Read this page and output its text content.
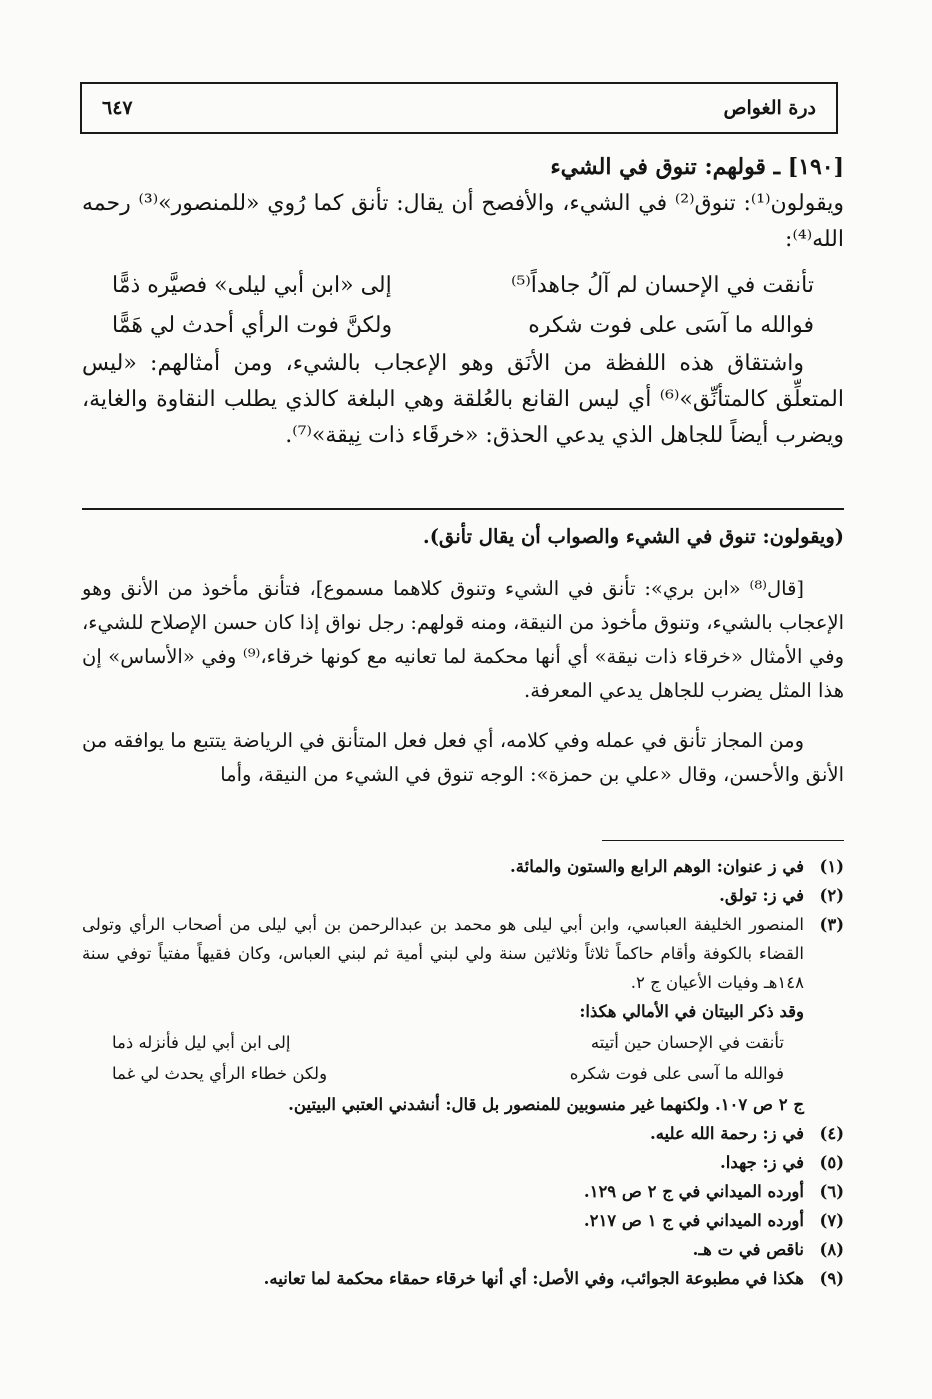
درة الغواص
٦٤٧

[١٩٠] ـ قولهم: تنوق في الشيء

ويقولون⁽¹⁾: تنوق⁽²⁾ في الشيء، والأفصح أن يقال: تأنق كما رُوي «للمنصور»⁽³⁾ رحمه الله⁽⁴⁾:

تأنقت في الإحسان لم آلُ جاهداً⁽⁵⁾
إلى «ابن أبي ليلى» فصيَّره ذمًّا
فوالله ما آسَى على فوت شكره
ولكنَّ فوت الرأي أحدث لي هَمًّا

واشتقاق هذه اللفظة من الأنَق وهو الإعجاب بالشيء، ومن أمثالهم: «ليس المتعلِّق كالمتأنِّق»⁽⁶⁾ أي ليس القانع بالعُلقة وهي البلغة كالذي يطلب النقاوة والغاية، ويضرب أيضاً للجاهل الذي يدعي الحذق: «خرقَاء ذات نِيقة»⁽⁷⁾.

(ويقولون: تنوق في الشيء والصواب أن يقال تأنق).

[قال⁽⁸⁾ «ابن بري»: تأنق في الشيء وتنوق كلاهما مسموع]، فتأنق مأخوذ من الأنق وهو الإعجاب بالشيء، وتنوق مأخوذ من النيقة، ومنه قولهم: رجل نواق إذا كان حسن الإصلاح للشيء، وفي الأمثال «خرقاء ذات نيقة» أي أنها محكمة لما تعانيه مع كونها خرقاء،⁽⁹⁾ وفي «الأساس» إن هذا المثل يضرب للجاهل يدعي المعرفة.

ومن المجاز تأنق في عمله وفي كلامه، أي فعل فعل المتأنق في الرياضة يتتبع ما يوافقه من الأنق والأحسن، وقال «علي بن حمزة»: الوجه تنوق في الشيء من النيقة، وأما

(١)
في ز عنوان: الوهم الرابع والستون والمائة.
(٢)
في ز: تولق.
(٣)
المنصور الخليفة العباسي، وابن أبي ليلى هو محمد بن عبدالرحمن بن أبي ليلى من أصحاب الرأي وتولى القضاء بالكوفة وأقام حاكماً ثلاثاً وثلاثين سنة ولي لبني أمية ثم لبني العباس، وكان فقيهاً مفتياً توفي سنة ١٤٨هـ وفيات الأعيان ج ٢.
وقد ذكر البيتان في الأمالي هكذا:
تأنقت في الإحسان حين أتيته
إلى ابن أبي ليل فأنزله ذما
فوالله ما آسى على فوت شكره
ولكن خطاء الرأي يحدث لي غما
ج ٢ ص ١٠٧. ولكنهما غير منسوبين للمنصور بل قال: أنشدني العتبي البيتين.
(٤)
في ز: رحمة الله عليه.
(٥)
في ز: جهدا.
(٦)
أورده الميداني في ج ٢ ص ١٢٩.
(٧)
أورده الميداني في ج ١ ص ٢١٧.
(٨)
ناقص في ت هـ.
(٩)
هكذا في مطبوعة الجوائب، وفي الأصل: أي أنها خرقاء حمقاء محكمة لما تعانيه.
